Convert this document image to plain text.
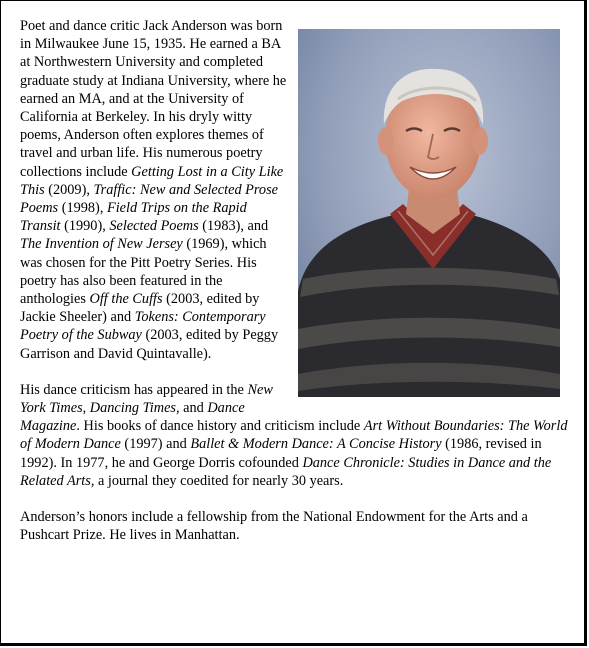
Poet and dance critic Jack Anderson was born in Milwaukee June 15, 1935. He earned a BA at Northwestern University and completed graduate study at Indiana University, where he earned an MA, and at the University of California at Berkeley. In his dryly witty poems, Anderson often explores themes of travel and urban life. His numerous poetry collections include Getting Lost in a City Like This (2009), Traffic: New and Selected Prose Poems (1998), Field Trips on the Rapid Transit (1990), Selected Poems (1983), and The Invention of New Jersey (1969), which was chosen for the Pitt Poetry Series. His poetry has also been featured in the anthologies Off the Cuffs (2003, edited by Jackie Sheeler) and Tokens: Contemporary Poetry of the Subway (2003, edited by Peggy Garrison and David Quintavalle).

His dance criticism has appeared in the New York Times, Dancing Times, and Dance Magazine. His books of dance history and criticism include Art Without Boundaries: The World of Modern Dance (1997) and Ballet & Modern Dance: A Concise History (1986, revised in 1992). In 1977, he and George Dorris cofounded Dance Chronicle: Studies in Dance and the Related Arts, a journal they coedited for nearly 30 years.

Anderson’s honors include a fellowship from the National Endowment for the Arts and a Pushcart Prize. He lives in Manhattan.
